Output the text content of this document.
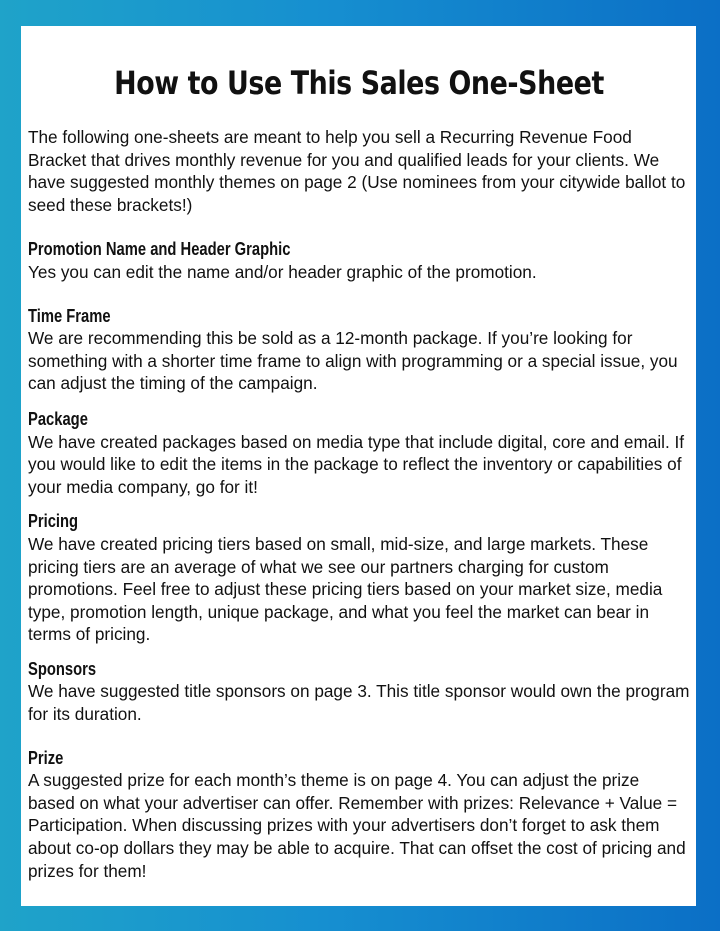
How to Use This Sales One-Sheet

The following one-sheets are meant to help you sell a Recurring Revenue Food Bracket that drives monthly revenue for you and qualified leads for your clients. We have suggested monthly themes on page 2 (Use nominees from your citywide ballot to seed these brackets!)

Promotion Name and Header Graphic
Yes you can edit the name and/or header graphic of the promotion.
Time Frame
We are recommending this be sold as a 12-month package. If you’re looking for something with a shorter time frame to align with programming or a special issue, you can adjust the timing of the campaign.
Package
We have created packages based on media type that include digital, core and email. If you would like to edit the items in the package to reflect the inventory or capabilities of your media company, go for it!
Pricing
We have created pricing tiers based on small, mid-size, and large markets. These pricing tiers are an average of what we see our partners charging for custom promotions. Feel free to adjust these pricing tiers based on your market size, media type, promotion length, unique package, and what you feel the market can bear in terms of pricing.
Sponsors
We have suggested title sponsors on page 3. This title sponsor would own the program for its duration.
Prize
A suggested prize for each month’s theme is on page 4. You can adjust the prize based on what your advertiser can offer. Remember with prizes: Relevance + Value = Participation. When discussing prizes with your advertisers don’t forget to ask them about co-op dollars they may be able to acquire. That can offset the cost of pricing and prizes for them!
